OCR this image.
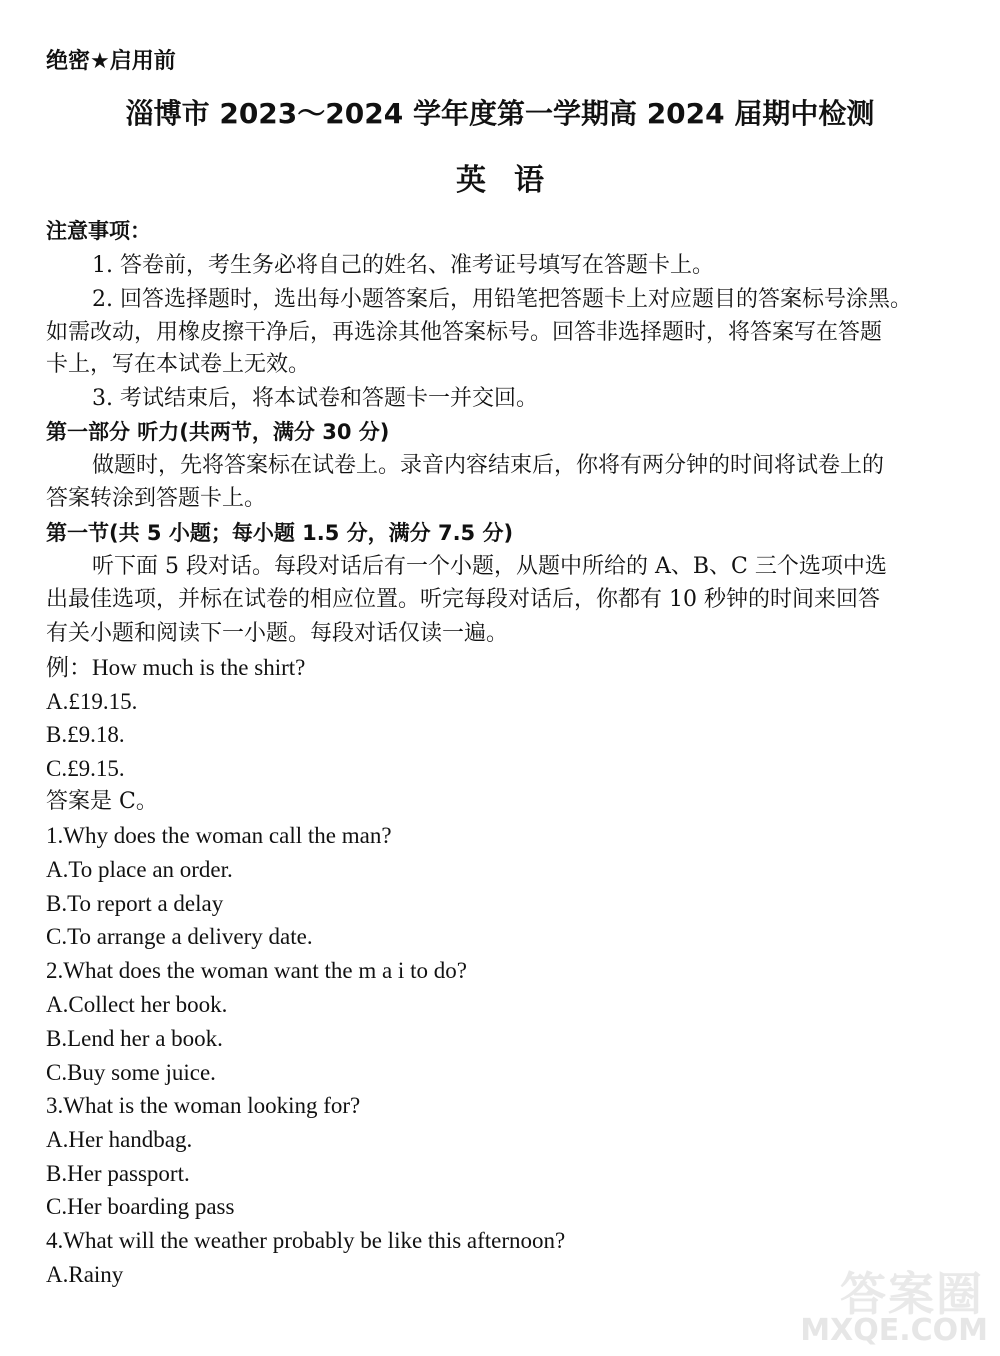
绝密★启用前
淄博市 2023～2024 学年度第一学期高 2024 届期中检测
英语
注意事项：
1. 答卷前，考生务必将自己的姓名、准考证号填写在答题卡上。
2. 回答选择题时，选出每小题答案后，用铅笔把答题卡上对应题目的答案标号涂黑。
如需改动，用橡皮擦干净后，再选涂其他答案标号。回答非选择题时，将答案写在答题
卡上，写在本试卷上无效。
3. 考试结束后，将本试卷和答题卡一并交回。
第一部分 听力(共两节，满分 30 分)
做题时，先将答案标在试卷上。录音内容结束后，你将有两分钟的时间将试卷上的
答案转涂到答题卡上。
第一节(共 5 小题；每小题 1.5 分，满分 7.5 分)
听下面 5 段对话。每段对话后有一个小题，从题中所给的 A、B、C 三个选项中选
出最佳选项，并标在试卷的相应位置。听完每段对话后，你都有 10 秒钟的时间来回答
有关小题和阅读下一小题。每段对话仅读一遍。
例：How much is the shirt?
A.£19.15.
B.£9.18.
C.£9.15.
答案是 C。
1.Why does the woman call the man?
A.To place an order.
B.To report a delay
C.To arrange a delivery date.
2.What does the woman want the m a i to do?
A.Collect her book.
B.Lend her a book.
C.Buy some juice.
3.What is the woman looking for?
A.Her handbag.
B.Her passport.
C.Her boarding pass
4.What will the weather probably be like this afternoon?
A.Rainy	答案圈
MXQE.COM
